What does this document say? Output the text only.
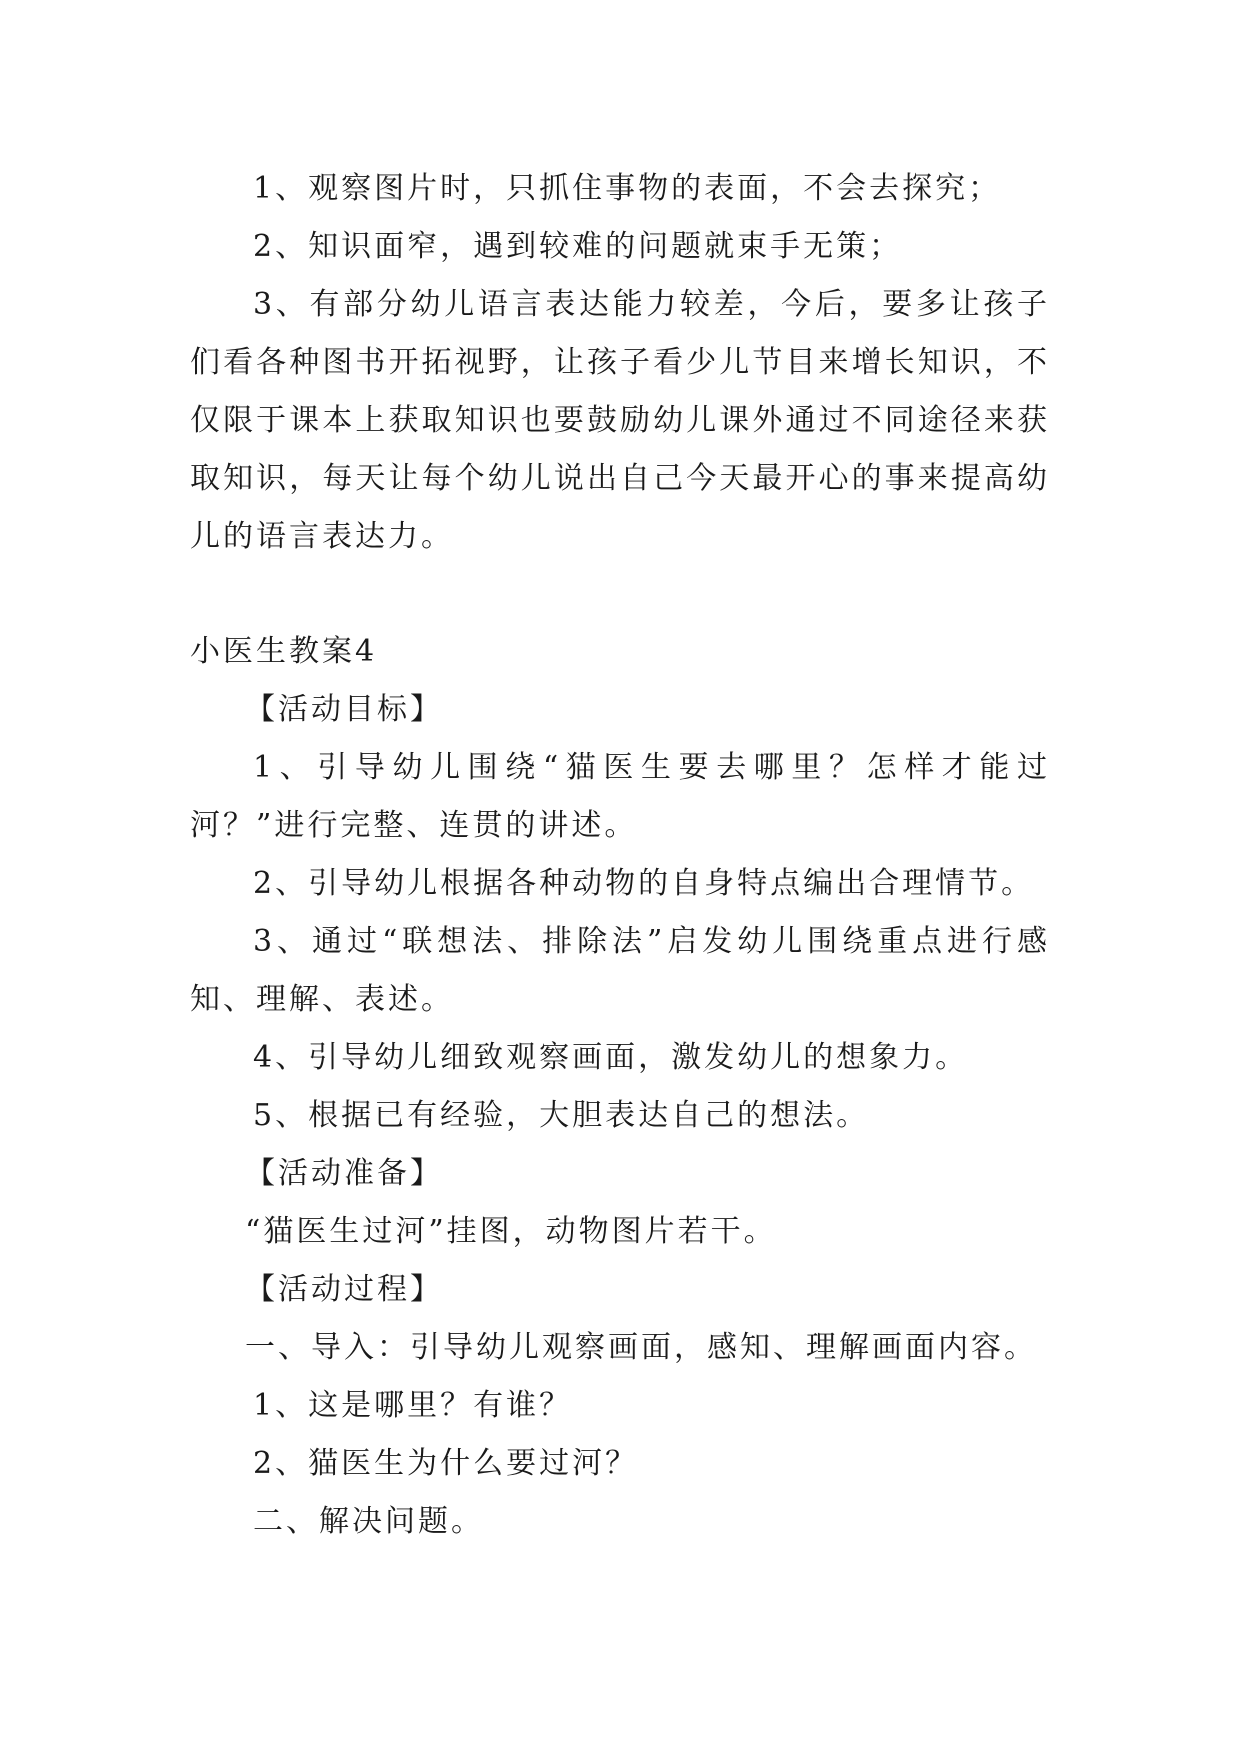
1、观察图片时，只抓住事物的表面，不会去探究；
2、知识面窄，遇到较难的问题就束手无策；

3、有部分幼儿语言表达能力较差，今后，要多让孩子们看各种图书开拓视野，让孩子看少儿节目来增长知识，不仅限于课本上获取知识也要鼓励幼儿课外通过不同途径来获取知识，每天让每个幼儿说出自己今天最开心的事来提高幼儿的语言表达力。

小医生教案4
【活动目标】

1、引导幼儿围绕“猫医生要去哪里？怎样才能过河？”进行完整、连贯的讲述。

2、引导幼儿根据各种动物的自身特点编出合理情节。

3、通过“联想法、排除法”启发幼儿围绕重点进行感知、理解、表述。

4、引导幼儿细致观察画面，激发幼儿的想象力。
5、根据已有经验，大胆表达自己的想法。
【活动准备】
“猫医生过河”挂图，动物图片若干。
【活动过程】
一、导入：引导幼儿观察画面，感知、理解画面内容。
1、这是哪里？有谁？
2、猫医生为什么要过河？
二、解决问题。
